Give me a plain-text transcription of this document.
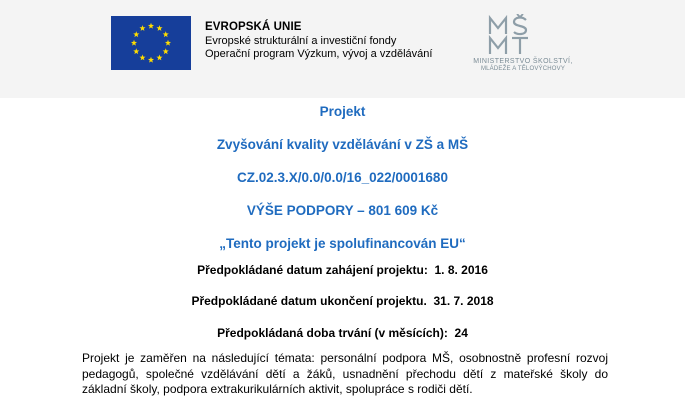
EVROPSKÁ UNIE
Evropské strukturální a investiční fondy
Operační program Výzkum, vývoj a vzdělávání
MINISTERSTVO ŠKOLSTVÍ,
MLÁDEŽE A TĚLOVÝCHOVY
Projekt
Zvyšování kvality vzdělávání v ZŠ a MŠ
CZ.02.3.X/0.0/0.0/16_022/0001680
VÝŠE PODPORY – 801 609 Kč
„Tento projekt je spolufinancován EU“
Předpokládané datum zahájení projektu:  1. 8. 2016
Předpokládané datum ukončení projektu.  31. 7. 2018
Předpokládaná doba trvání (v měsících):  24
Projekt je zaměřen na následující témata: personální podpora MŠ, osobnostně profesní rozvoj pedagogů, společné vzdělávání dětí a žáků, usnadnění přechodu dětí z mateřské školy do základní školy, podpora extrakurikulárních aktivit, spolupráce s rodiči dětí.
